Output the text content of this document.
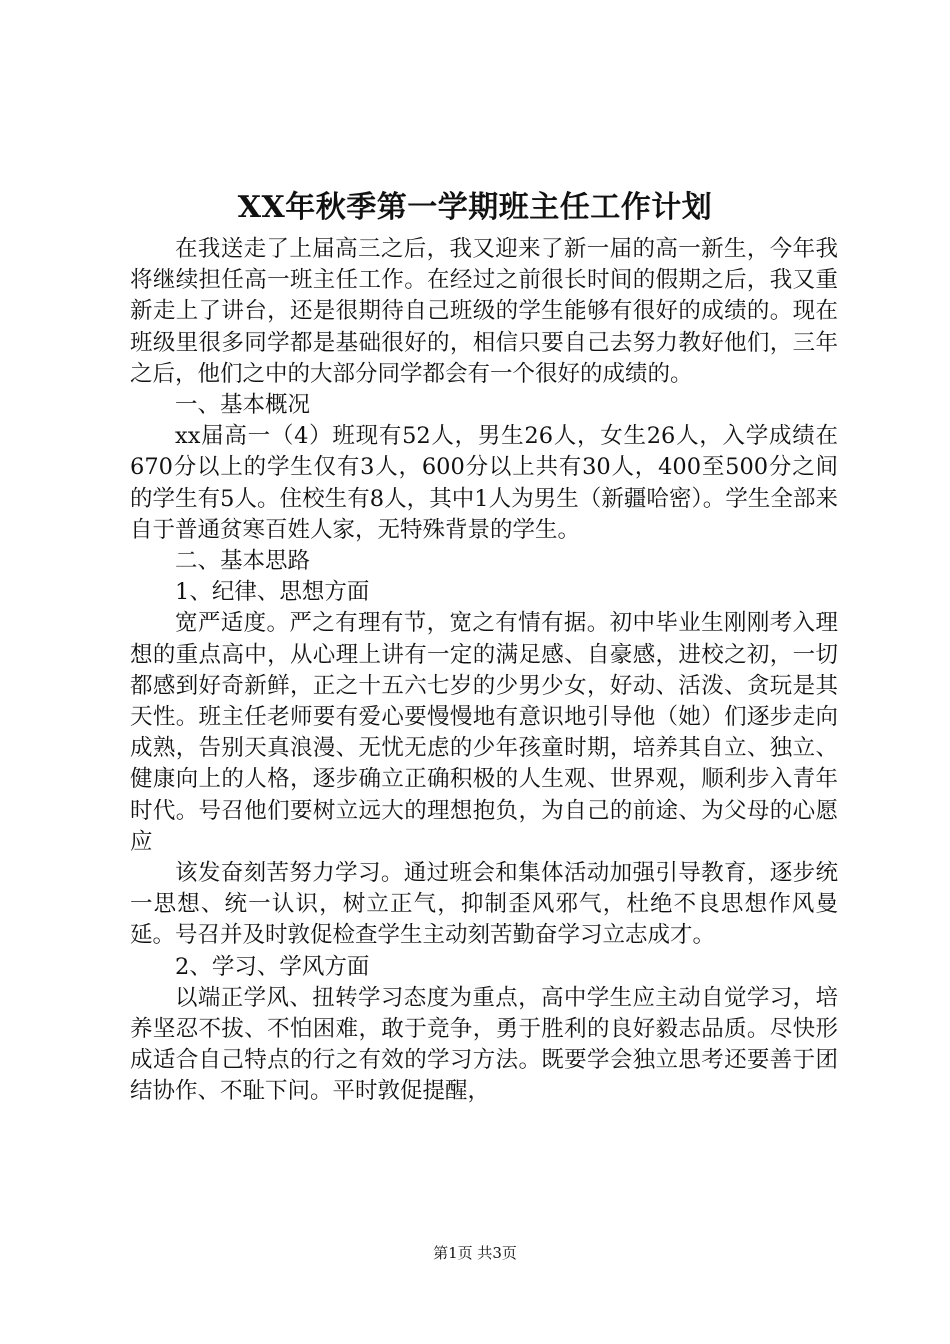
XX年秋季第一学期班主任工作计划

在我送走了上届高三之后，我又迎来了新一届的高一新生，今年我将继续担任高一班主任工作。在经过之前很长时间的假期之后，我又重新走上了讲台，还是很期待自己班级的学生能够有很好的成绩的。现在班级里很多同学都是基础很好的，相信只要自己去努力教好他们，三年之后，他们之中的大部分同学都会有一个很好的成绩的。

一、基本概况

xx届高一（4）班现有52人，男生26人，女生26人，入学成绩在670分以上的学生仅有3人，600分以上共有30人，400至500分之间的学生有5人。住校生有8人，其中1人为男生（新疆哈密）。学生全部来自于普通贫寒百姓人家，无特殊背景的学生。

二、基本思路

1、纪律、思想方面

宽严适度。严之有理有节，宽之有情有据。初中毕业生刚刚考入理想的重点高中，从心理上讲有一定的满足感、自豪感，进校之初，一切都感到好奇新鲜，正之十五六七岁的少男少女，好动、活泼、贪玩是其天性。班主任老师要有爱心要慢慢地有意识地引导他（她）们逐步走向成熟，告别天真浪漫、无忧无虑的少年孩童时期，培养其自立、独立、健康向上的人格，逐步确立正确积极的人生观、世界观，顺利步入青年时代。号召他们要树立远大的理想抱负，为自己的前途、为父母的心愿应

该发奋刻苦努力学习。通过班会和集体活动加强引导教育，逐步统一思想、统一认识，树立正气，抑制歪风邪气，杜绝不良思想作风曼延。号召并及时敦促检查学生主动刻苦勤奋学习立志成才。

2、学习、学风方面

以端正学风、扭转学习态度为重点，高中学生应主动自觉学习，培养坚忍不拔、不怕困难，敢于竞争，勇于胜利的良好毅志品质。尽快形成适合自己特点的行之有效的学习方法。既要学会独立思考还要善于团结协作、不耻下问。平时敦促提醒，

第1页 共3页
